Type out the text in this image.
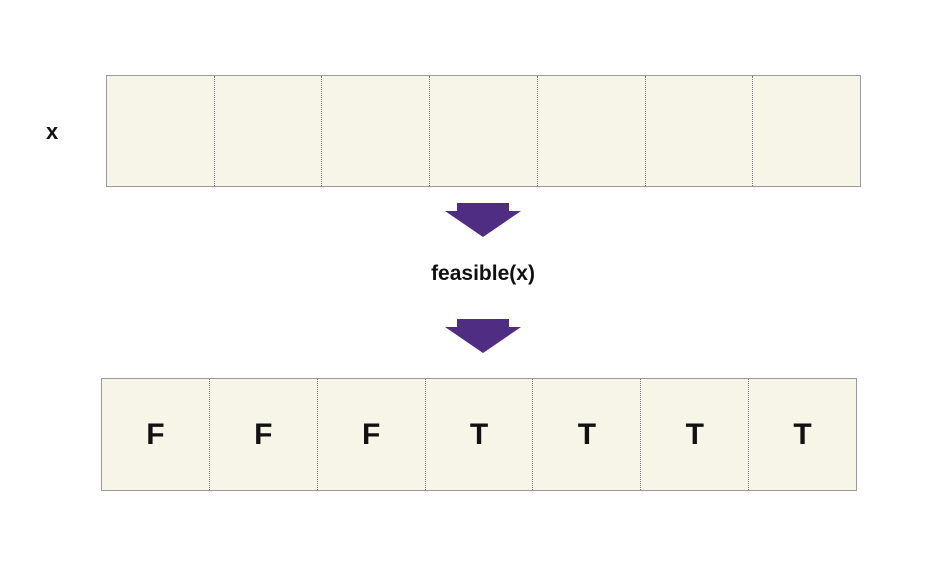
x
feasible(x)
F	F	F	T	T	T	T
